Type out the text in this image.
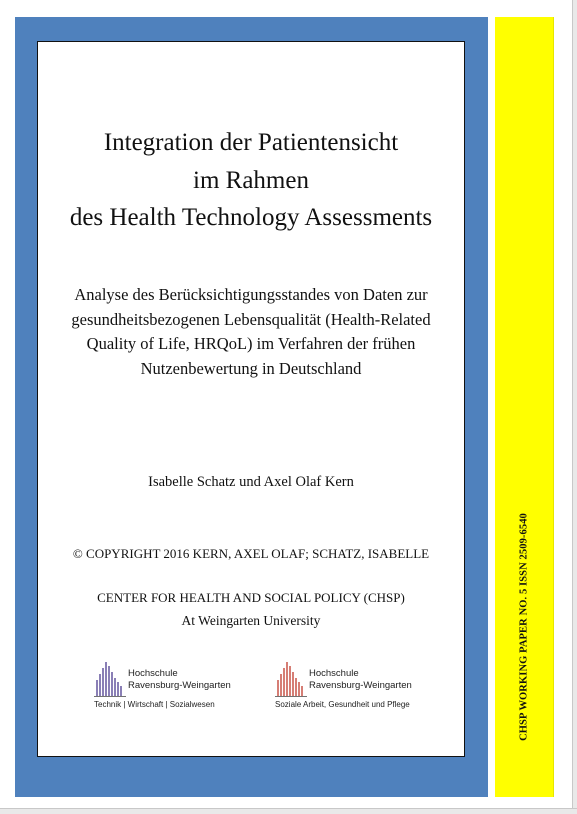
CHSP WORKING PAPER NO. 5 ISSN 2509-6540
Integration der Patientensicht
im Rahmen
des Health Technology Assessments
Analyse des Berücksichtigungsstandes von Daten zur
gesundheitsbezogenen Lebensqualität (Health-Related
Quality of Life, HRQoL) im Verfahren der frühen
Nutzenbewertung in Deutschland
Isabelle Schatz und Axel Olaf Kern
© COPYRIGHT 2016 KERN, AXEL OLAF; SCHATZ, ISABELLE
CENTER FOR HEALTH AND SOCIAL POLICY (CHSP)
At Weingarten University
Hochschule
Ravensburg-Weingarten
Technik | Wirtschaft | Sozialwesen
Hochschule
Ravensburg-Weingarten
Soziale Arbeit, Gesundheit und Pflege
